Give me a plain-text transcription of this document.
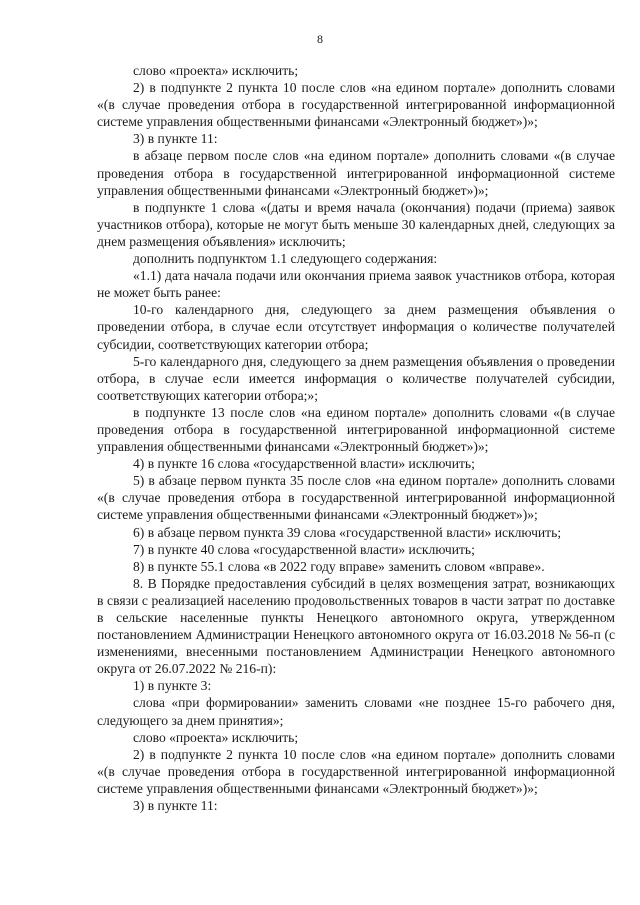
8

слово «проекта» исключить;

2) в подпункте 2 пункта 10 после слов «на едином портале» дополнить словами «(в случае проведения отбора в государственной интегрированной информационной системе управления общественными финансами «Электронный бюджет»)»;

3) в пункте 11:

в абзаце первом после слов «на едином портале» дополнить словами «(в случае проведения отбора в государственной интегрированной информационной системе управления общественными финансами «Электронный бюджет»)»;

в подпункте 1 слова «(даты и время начала (окончания) подачи (приема) заявок участников отбора), которые не могут быть меньше 30 календарных дней, следующих за днем размещения объявления» исключить;

дополнить подпунктом 1.1 следующего содержания:

«1.1) дата начала подачи или окончания приема заявок участников отбора, которая не может быть ранее:

10-го календарного дня, следующего за днем размещения объявления о проведении отбора, в случае если отсутствует информация о количестве получателей субсидии, соответствующих категории отбора;

5-го календарного дня, следующего за днем размещения объявления о проведении отбора, в случае если имеется информация о количестве получателей субсидии, соответствующих категории отбора;»;

в подпункте 13 после слов «на едином портале» дополнить словами «(в случае проведения отбора в государственной интегрированной информационной системе управления общественными финансами «Электронный бюджет»)»;

4) в пункте 16 слова «государственной власти» исключить;

5) в абзаце первом пункта 35 после слов «на едином портале» дополнить словами «(в случае проведения отбора в государственной интегрированной информационной системе управления общественными финансами «Электронный бюджет»)»;

6) в абзаце первом пункта 39 слова «государственной власти» исключить;

7) в пункте 40 слова «государственной власти» исключить;

8) в пункте 55.1 слова «в 2022 году вправе» заменить словом «вправе».

8. В Порядке предоставления субсидий в целях возмещения затрат, возникающих в связи с реализацией населению продовольственных товаров в части затрат по доставке в сельские населенные пункты Ненецкого автономного округа, утвержденном постановлением Администрации Ненецкого автономного округа от 16.03.2018 № 56-п (с изменениями, внесенными постановлением Администрации Ненецкого автономного округа от 26.07.2022 № 216-п):

1) в пункте 3:

слова «при формировании» заменить словами «не позднее 15-го рабочего дня, следующего за днем принятия»;

слово «проекта» исключить;

2) в подпункте 2 пункта 10 после слов «на едином портале» дополнить словами «(в случае проведения отбора в государственной интегрированной информационной системе управления общественными финансами «Электронный бюджет»)»;

3) в пункте 11:
